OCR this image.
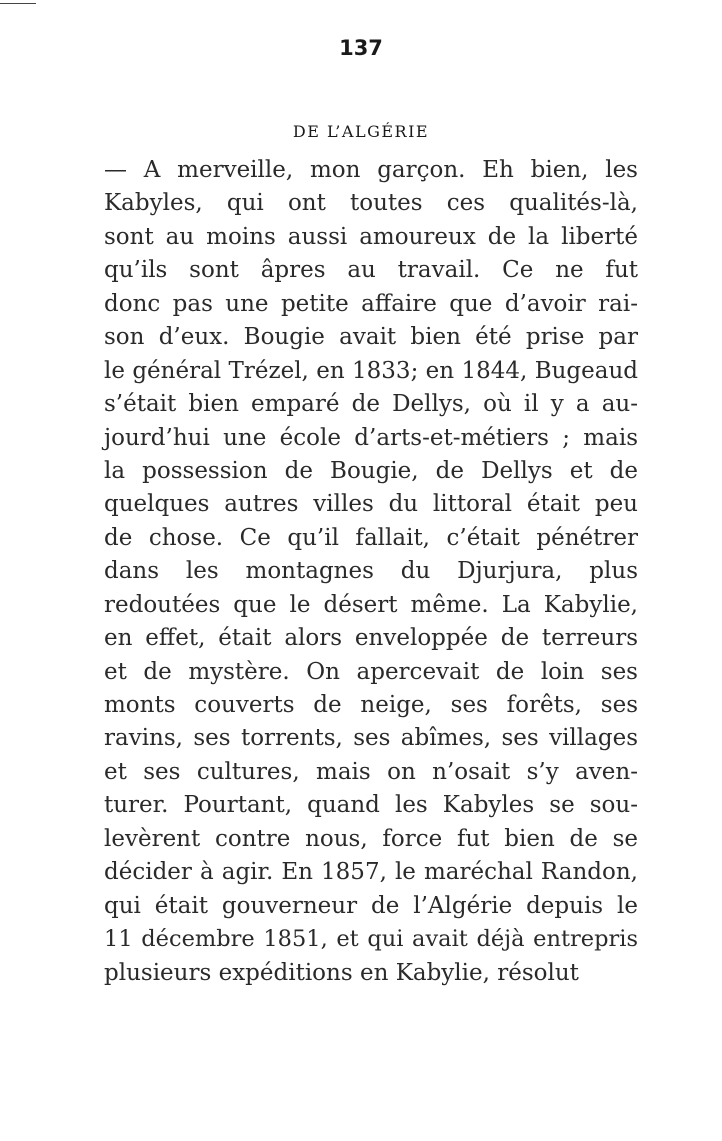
137
DE L’ALGÉRIE
— A merveille, mon garçon. Eh bien, les
Kabyles, qui ont toutes ces qualités-là,
sont au moins aussi amoureux de la liberté
qu’ils sont âpres au travail. Ce ne fut
donc pas une petite affaire que d’avoir rai-
son d’eux. Bougie avait bien été prise par
le général Trézel, en 1833; en 1844, Bugeaud
s’était bien emparé de Dellys, où il y a au-
jourd’hui une école d’arts-et-métiers ; mais
la possession de Bougie, de Dellys et de
quelques autres villes du littoral était peu
de chose. Ce qu’il fallait, c’était pénétrer
dans les montagnes du Djurjura, plus
redoutées que le désert même. La Kabylie,
en effet, était alors enveloppée de terreurs
et de mystère. On apercevait de loin ses
monts couverts de neige, ses forêts, ses
ravins, ses torrents, ses abîmes, ses villages
et ses cultures, mais on n’osait s’y aven-
turer. Pourtant, quand les Kabyles se sou-
levèrent contre nous, force fut bien de se
décider à agir. En 1857, le maréchal Randon,
qui était gouverneur de l’Algérie depuis le
11 décembre 1851, et qui avait déjà entrepris
plusieurs expéditions en Kabylie, résolut
